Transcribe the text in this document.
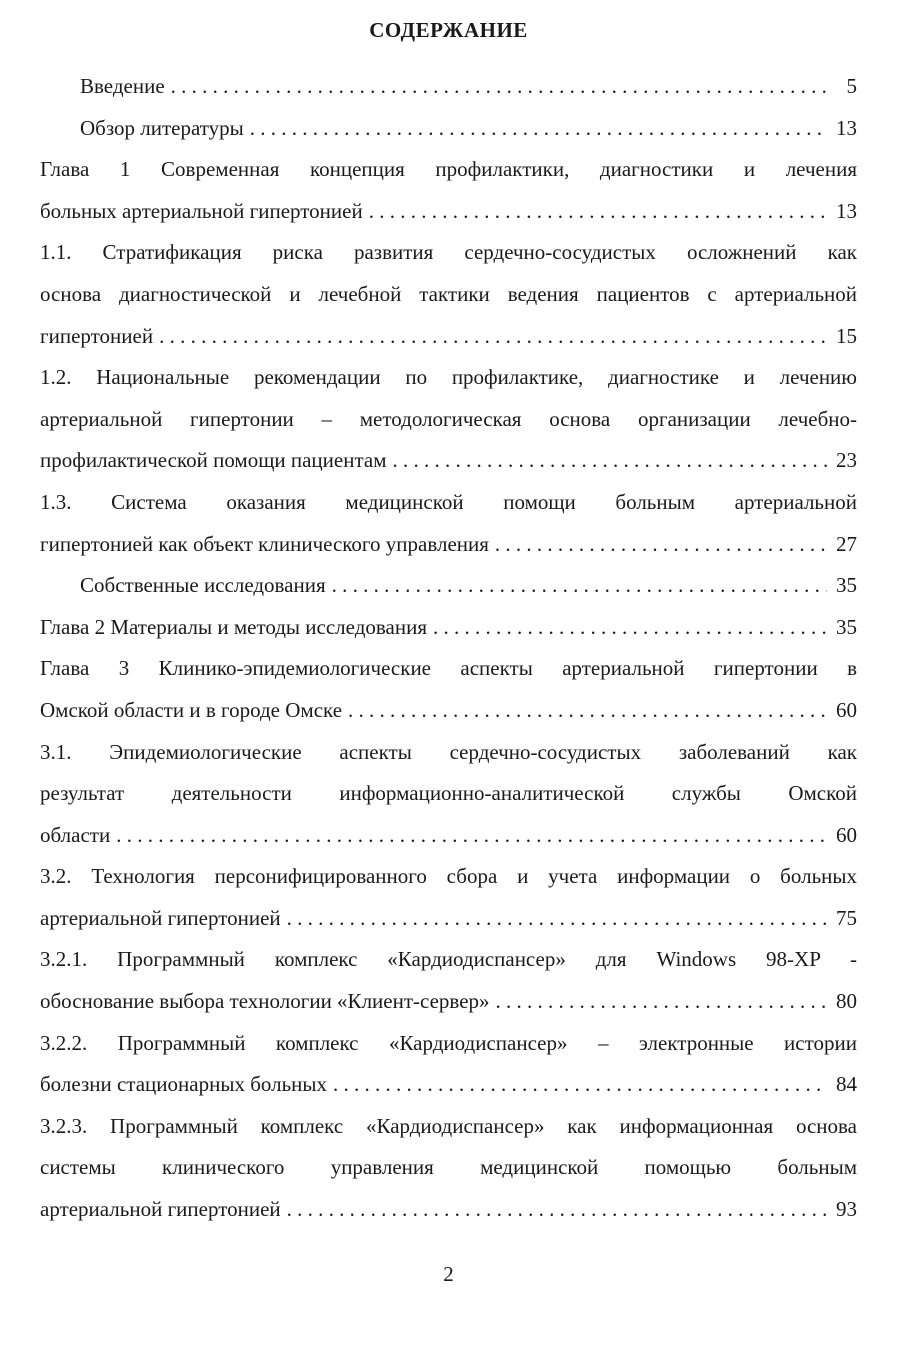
СОДЕРЖАНИЕ
Введение . . .	5
Обзор литературы . . .	13
Глава 1 Современная концепция профилактики, диагностики и лечения
больных артериальной гипертонией . . .	13
1.1. Стратификация риска развития сердечно-сосудистых осложнений как
основа диагностической и лечебной тактики ведения пациентов с артериальной
гипертонией . . .	15
1.2. Национальные рекомендации по профилактике, диагностике и лечению
артериальной гипертонии – методологическая основа организации лечебно-
профилактической помощи пациентам . . .	23
1.3. Система оказания медицинской помощи больным артериальной
гипертонией как объект клинического управления . . .	27
Собственные исследования . . .	35
Глава 2 Материалы и методы исследования . . .	35
Глава 3 Клинико-эпидемиологические аспекты артериальной гипертонии в
Омской области и в городе Омске . . .	60
3.1. Эпидемиологические аспекты сердечно-сосудистых заболеваний как
результат деятельности информационно-аналитической службы Омской
области . . .	60
3.2. Технология персонифицированного сбора и учета информации о больных
артериальной гипертонией . . .	75
3.2.1. Программный комплекс «Кардиодиспансер» для Windows 98-XP -
обоснование выбора технологии «Клиент-сервер» . . .	80
3.2.2. Программный комплекс «Кардиодиспансер» – электронные истории
болезни стационарных больных . . .	84
3.2.3. Программный комплекс «Кардиодиспансер» как информационная основа
системы клинического управления медицинской помощью больным
артериальной гипертонией . . .	93
2
